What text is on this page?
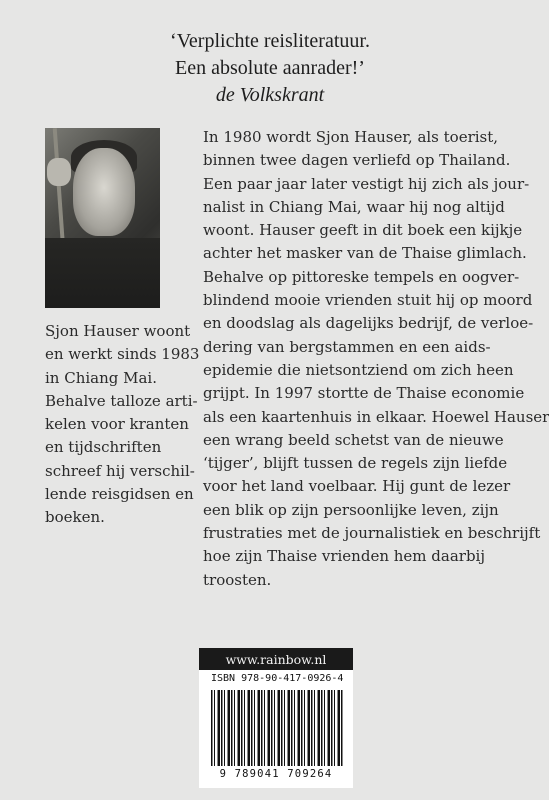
‘Verplichte reisliteratuur.
Een absolute aanrader!’
de Volkskrant
Sjon Hauser woont
en werkt sinds 1983
in Chiang Mai.
Behalve talloze arti-
kelen voor kranten
en tijdschriften
schreef hij verschil-
lende reisgidsen en
boeken.
In 1980 wordt Sjon Hauser, als toerist,
binnen twee dagen verliefd op Thailand.
Een paar jaar later vestigt hij zich als jour-
nalist in Chiang Mai, waar hij nog altijd
woont. Hauser geeft in dit boek een kijkje
achter het masker van de Thaise glimlach.
Behalve op pittoreske tempels en oogver-
blindend mooie vrienden stuit hij op moord
en doodslag als dagelijks bedrijf, de verloe-
dering van bergstammen en een aids-
epidemie die nietsontziend om zich heen
grijpt. In 1997 stortte de Thaise economie
als een kaartenhuis in elkaar. Hoewel Hauser
een wrang beeld schetst van de nieuwe
‘tijger’, blijft tussen de regels zijn liefde
voor het land voelbaar. Hij gunt de lezer
een blik op zijn persoonlijke leven, zijn
frustraties met de journalistiek en beschrijft
hoe zijn Thaise vrienden hem daarbij
troosten.
www.rainbow.nl
ISBN 978-90-417-0926-4
9 789041 709264
